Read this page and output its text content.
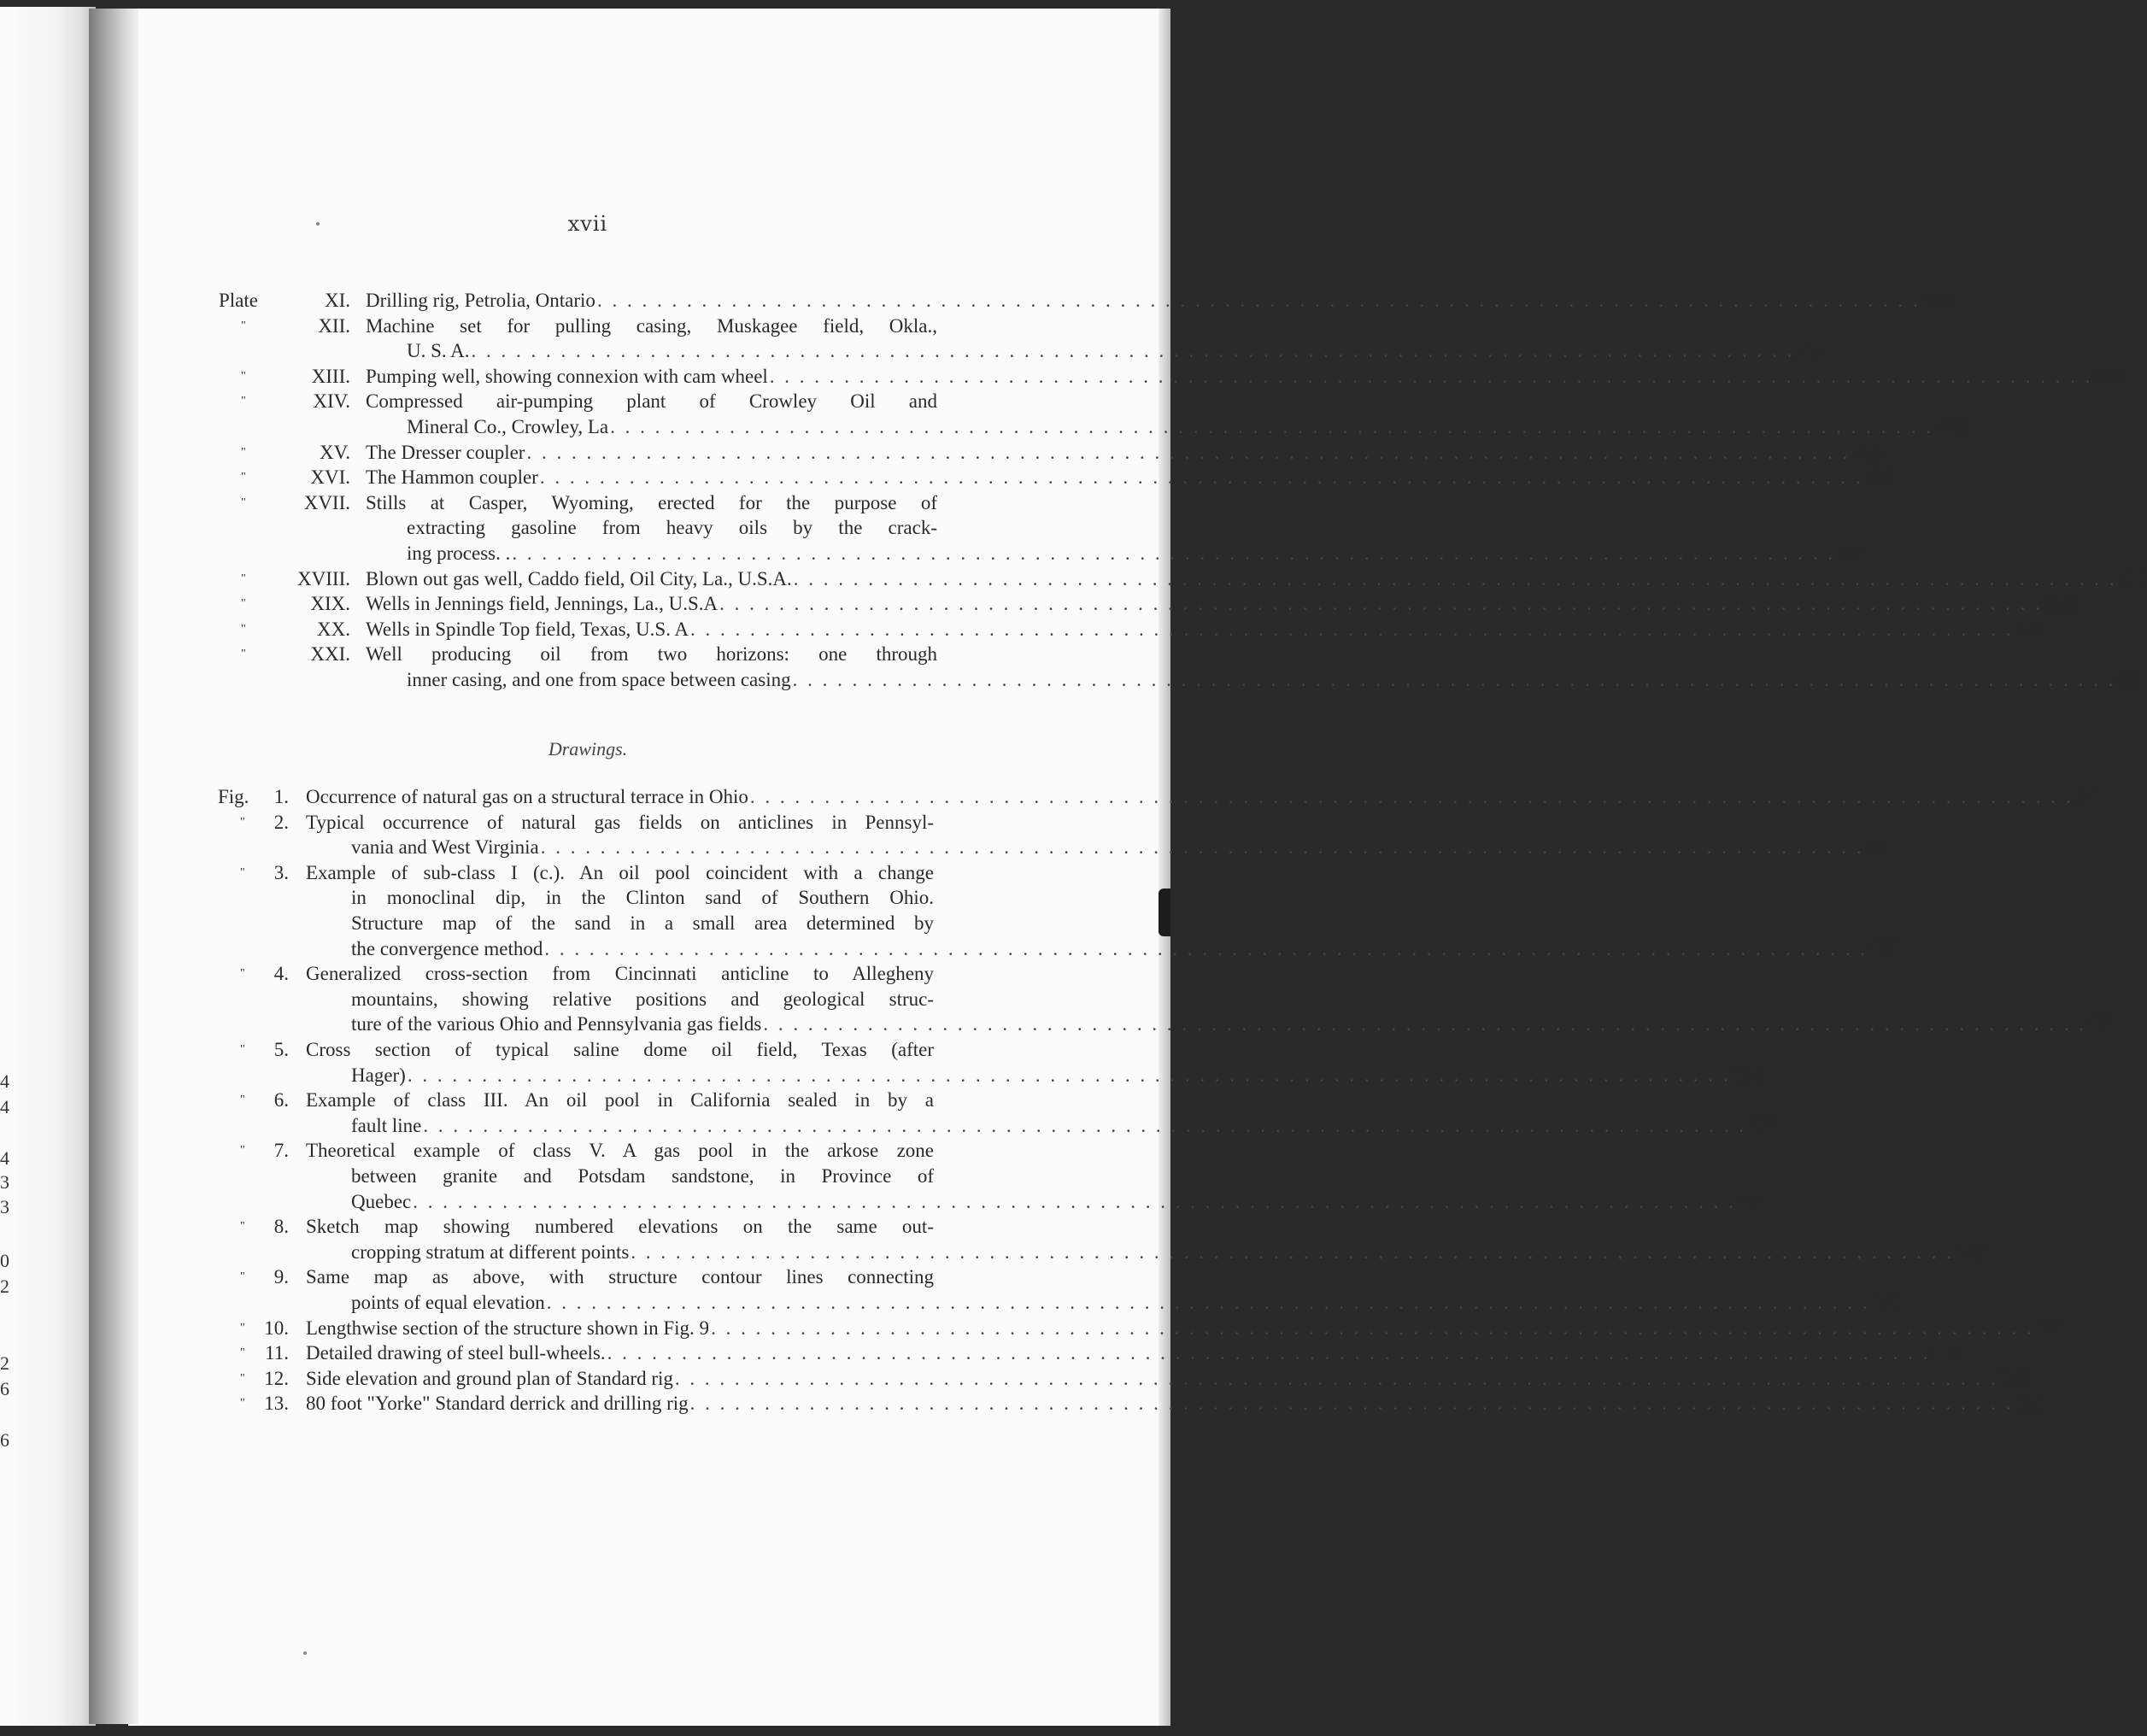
4
4
4
3
3
0
2
2
6
6
xvii
Plate	XI. Drilling rig, Petrolia, Ontario . . . . . . . . . . . . . . . . . . . . . . . . . . . . . . . . . . . . . . . . . . . . . . . . . . . . . . . . . . . . . . . . . . . . . . . . . . . . . . . . . . . . . . . . . 186
"	XII. Machine set for pulling casing, Muskagee field, Okla.,
U. S. A. . . . . . . . . . . . . . . . . . . . . . . . . . . . . . . . . . . . . . . . . . . . . . . . . . . . . . . . . . . . . . . . . . . . . . . . . . . . . . . . . . . . . . . . . . 212
"	XIII. Pumping well, showing connexion with cam wheel . . . . . . . . . . . . . . . . . . . . . . . . . . . . . . . . . . . . . . . . . . . . . . . . . . . . . . . . . . . . . . . . . . . . . . . . . . . . . . . . . . . . . . . . . 222
"	XIV. Compressed air-pumping plant of Crowley Oil and
Mineral Co., Crowley, La . . . . . . . . . . . . . . . . . . . . . . . . . . . . . . . . . . . . . . . . . . . . . . . . . . . . . . . . . . . . . . . . . . . . . . . . . . . . . . . . . . . . . . . . . 248
"	XV. The Dresser coupler . . . . . . . . . . . . . . . . . . . . . . . . . . . . . . . . . . . . . . . . . . . . . . . . . . . . . . . . . . . . . . . . . . . . . . . . . . . . . . . . . . . . . . . . . 268
"	XVI. The Hammon coupler . . . . . . . . . . . . . . . . . . . . . . . . . . . . . . . . . . . . . . . . . . . . . . . . . . . . . . . . . . . . . . . . . . . . . . . . . . . . . . . . . . . . . . . . . 268
"	XVII. Stills at Casper, Wyoming, erected for the purpose of
extracting gasoline from heavy oils by the crack-
ing process. . . . . . . . . . . . . . . . . . . . . . . . . . . . . . . . . . . . . . . . . . . . . . . . . . . . . . . . . . . . . . . . . . . . . . . . . . . . . . . . . . . . . . . . . . . 284
"	XVIII. Blown out gas well, Caddo field, Oil City, La., U.S.A. . . . . . . . . . . . . . . . . . . . . . . . . . . . . . . . . . . . . . . . . . . . . . . . . . . . . . . . . . . . . . . . . . . . . . . . . . . . . . . . . . . . . . . . . . 311
"	XIX. Wells in Jennings field, Jennings, La., U.S.A . . . . . . . . . . . . . . . . . . . . . . . . . . . . . . . . . . . . . . . . . . . . . . . . . . . . . . . . . . . . . . . . . . . . . . . . . . . . . . . . . . . . . . . . . 328
"	XX. Wells in Spindle Top field, Texas, U.S. A . . . . . . . . . . . . . . . . . . . . . . . . . . . . . . . . . . . . . . . . . . . . . . . . . . . . . . . . . . . . . . . . . . . . . . . . . . . . . . . . . . . . . . . . . 328
"	XXI. Well producing oil from two horizons: one through
inner casing, and one from space between casing . . . . . . . . . . . . . . . . . . . . . . . . . . . . . . . . . . . . . . . . . . . . . . . . . . . . . . . . . . . . . . . . . . . . . . . . . . . . . . . . . . . . . . . . . 331
Drawings.
Fig.	1. Occurrence of natural gas on a structural terrace in Ohio . . . . . . . . . . . . . . . . . . . . . . . . . . . . . . . . . . . . . . . . . . . . . . . . . . . . . . . . . . . . . . . . . . . . . . . . . . . . . . . . . . . . . . . . . 97
"	2. Typical occurrence of natural gas fields on anticlines in Pennsyl-
vania and West Virginia . . . . . . . . . . . . . . . . . . . . . . . . . . . . . . . . . . . . . . . . . . . . . . . . . . . . . . . . . . . . . . . . . . . . . . . . . . . . . . . . . . . . . . . . . 99
"	3. Example of sub-class I (c.). An oil pool coincident with a change
in monoclinal dip, in the Clinton sand of Southern Ohio.
Structure map of the sand in a small area determined by
the convergence method . . . . . . . . . . . . . . . . . . . . . . . . . . . . . . . . . . . . . . . . . . . . . . . . . . . . . . . . . . . . . . . . . . . . . . . . . . . . . . . . . . . . . . . . . 100
"	4. Generalized cross-section from Cincinnati anticline to Allegheny
mountains, showing relative positions and geological struc-
ture of the various Ohio and Pennsylvania gas fields . . . . . . . . . . . . . . . . . . . . . . . . . . . . . . . . . . . . . . . . . . . . . . . . . . . . . . . . . . . . . . . . . . . . . . . . . . . . . . . . . . . . . . . . . 101
"	5. Cross section of typical saline dome oil field, Texas (after
Hager) . . . . . . . . . . . . . . . . . . . . . . . . . . . . . . . . . . . . . . . . . . . . . . . . . . . . . . . . . . . . . . . . . . . . . . . . . . . . . . . . . . . . . . . . . 103
"	6. Example of class III. An oil pool in California sealed in by a
fault line . . . . . . . . . . . . . . . . . . . . . . . . . . . . . . . . . . . . . . . . . . . . . . . . . . . . . . . . . . . . . . . . . . . . . . . . . . . . . . . . . . . . . . . . . 104
"	7. Theoretical example of class V. A gas pool in the arkose zone
between granite and Potsdam sandstone, in Province of
Quebec . . . . . . . . . . . . . . . . . . . . . . . . . . . . . . . . . . . . . . . . . . . . . . . . . . . . . . . . . . . . . . . . . . . . . . . . . . . . . . . . . . . . . . . . . 104
"	8. Sketch map showing numbered elevations on the same out-
cropping stratum at different points . . . . . . . . . . . . . . . . . . . . . . . . . . . . . . . . . . . . . . . . . . . . . . . . . . . . . . . . . . . . . . . . . . . . . . . . . . . . . . . . . . . . . . . . . 140
"	9. Same map as above, with structure contour lines connecting
points of equal elevation . . . . . . . . . . . . . . . . . . . . . . . . . . . . . . . . . . . . . . . . . . . . . . . . . . . . . . . . . . . . . . . . . . . . . . . . . . . . . . . . . . . . . . . . . 141
" 10. Lengthwise section of the structure shown in Fig. 9 . . . . . . . . . . . . . . . . . . . . . . . . . . . . . . . . . . . . . . . . . . . . . . . . . . . . . . . . . . . . . . . . . . . . . . . . . . . . . . . . . . . . . . . . . 141
"	11. Detailed drawing of steel bull-wheels. . . . . . . . . . . . . . . . . . . . . . . . . . . . . . . . . . . . . . . . . . . . . . . . . . . . . . . . . . . . . . . . . . . . . . . . . . . . . . . . . . . . . . . . . . 156
" 12. Side elevation and ground plan of Standard rig . . . . . . . . . . . . . . . . . . . . . . . . . . . . . . . . . . . . . . . . . . . . . . . . . . . . . . . . . . . . . . . . . . . . . . . . . . . . . . . . . . . . . . . . . 158
" 13. 80 foot "Yorke" Standard derrick and drilling rig . . . . . . . . . . . . . . . . . . . . . . . . . . . . . . . . . . . . . . . . . . . . . . . . . . . . . . . . . . . . . . . . . . . . . . . . . . . . . . . . . . . . . . . . . 160
